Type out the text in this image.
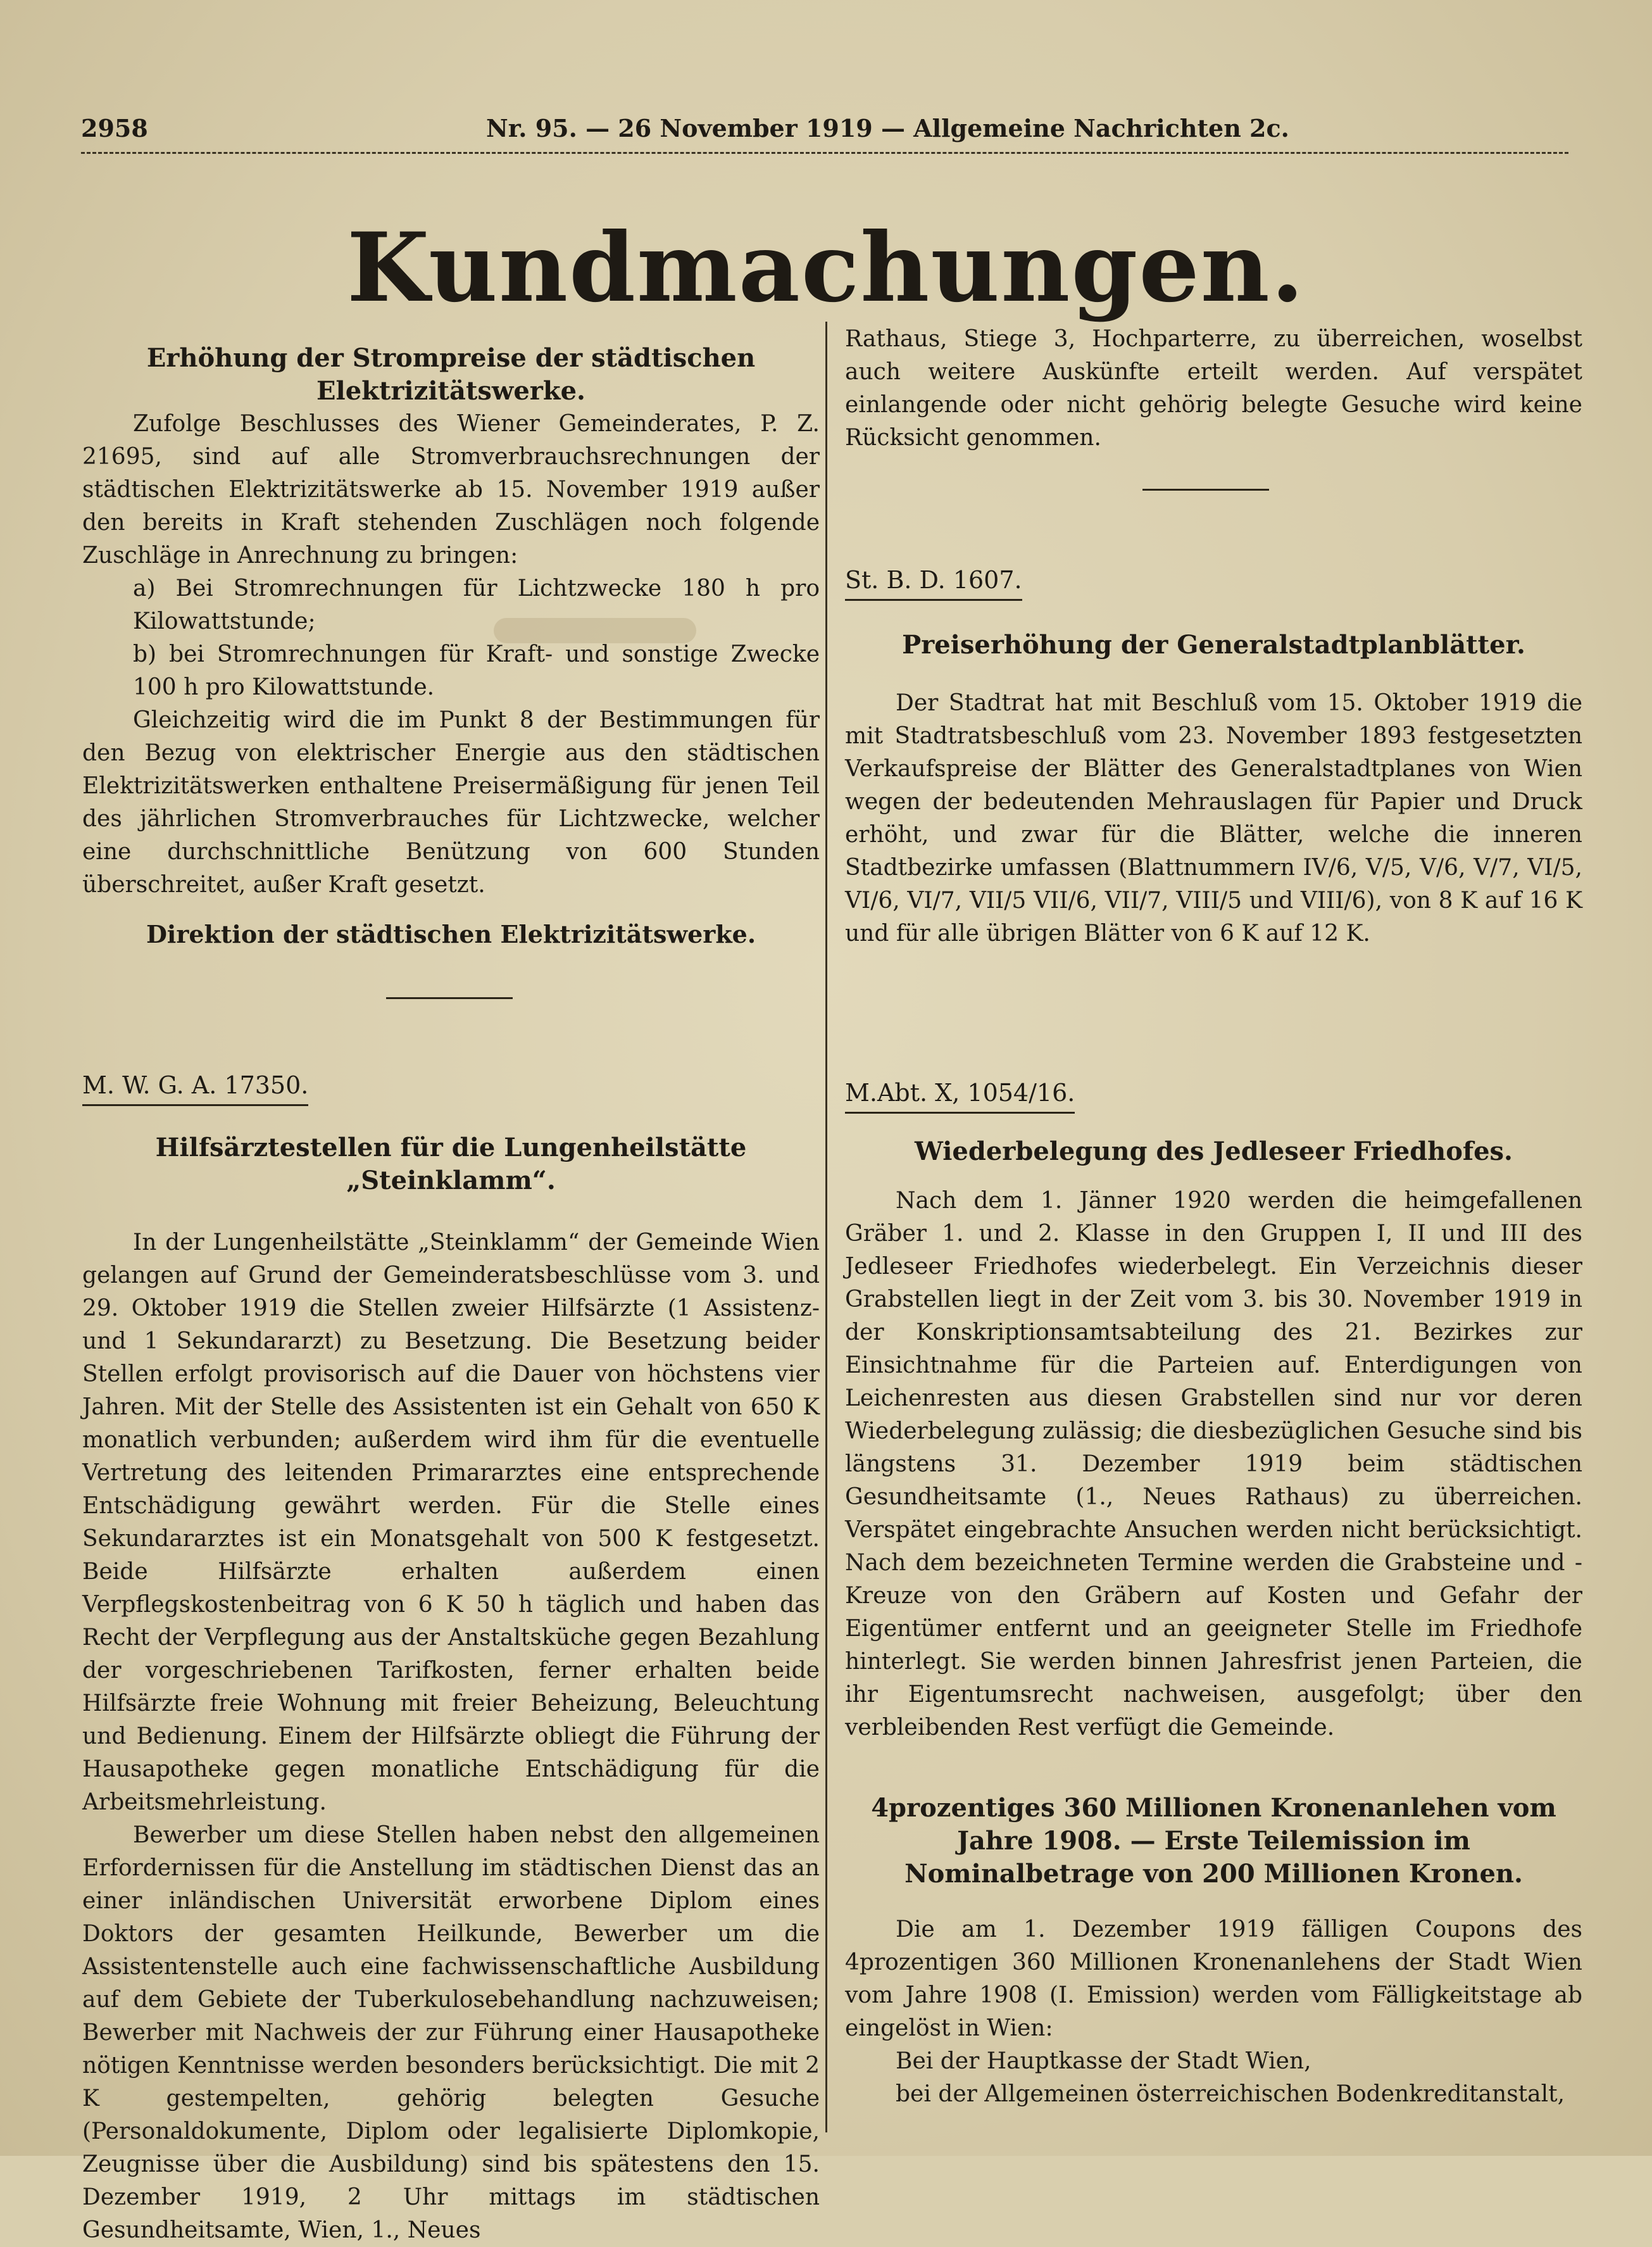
2958	Nr. 95. — 26 November 1919 — Allgemeine Nachrichten 2c.
Kundmachungen.
Erhöhung der Strompreise der städtischen Elektrizitätswerke.

Zufolge Beschlusses des Wiener Gemeinderates, P. Z. 21695, sind auf alle Stromverbrauchsrechnungen der städtischen Elektrizitätswerke ab 15. November 1919 außer den bereits in Kraft stehenden Zuschlägen noch folgende Zuschläge in Anrechnung zu bringen:

a) Bei Stromrechnungen für Lichtzwecke 180 h pro Kilowattstunde;

b) bei Stromrechnungen für Kraft- und sonstige Zwecke 100 h pro Kilowattstunde.

Gleichzeitig wird die im Punkt 8 der Bestimmungen für den Bezug von elektrischer Energie aus den städtischen Elektrizitätswerken enthaltene Preisermäßigung für jenen Teil des jährlichen Stromverbrauches für Lichtzwecke, welcher eine durchschnittliche Benützung von 600 Stunden überschreitet, außer Kraft gesetzt.

Direktion der städtischen Elektrizitätswerke.
M. W. G. A. 17350.
Hilfsärztestellen für die Lungenheilstätte „Steinklamm“.

In der Lungenheilstätte „Steinklamm“ der Gemeinde Wien gelangen auf Grund der Gemeinderatsbeschlüsse vom 3. und 29. Oktober 1919 die Stellen zweier Hilfsärzte (1 Assistenz- und 1 Sekundararzt) zu Besetzung. Die Besetzung beider Stellen erfolgt provisorisch auf die Dauer von höchstens vier Jahren. Mit der Stelle des Assistenten ist ein Gehalt von 650 K monatlich verbunden; außerdem wird ihm für die eventuelle Vertretung des leitenden Primararztes eine entsprechende Entschädigung gewährt werden. Für die Stelle eines Sekundararztes ist ein Monatsgehalt von 500 K festgesetzt. Beide Hilfsärzte erhalten außerdem einen Verpflegskostenbeitrag von 6 K 50 h täglich und haben das Recht der Verpflegung aus der Anstaltsküche gegen Bezahlung der vorgeschriebenen Tarifkosten, ferner erhalten beide Hilfsärzte freie Wohnung mit freier Beheizung, Beleuchtung und Bedienung. Einem der Hilfsärzte obliegt die Führung der Hausapotheke gegen monatliche Entschädigung für die Arbeitsmehrleistung.

Bewerber um diese Stellen haben nebst den allgemeinen Erfordernissen für die Anstellung im städtischen Dienst das an einer inländischen Universität erworbene Diplom eines Doktors der gesamten Heilkunde, Bewerber um die Assistentenstelle auch eine fachwissenschaftliche Ausbildung auf dem Gebiete der Tuberkulosebehandlung nachzuweisen; Bewerber mit Nachweis der zur Führung einer Hausapotheke nötigen Kenntnisse werden besonders berücksichtigt. Die mit 2 K gestempelten, gehörig belegten Gesuche (Personaldokumente, Diplom oder legalisierte Diplomkopie, Zeugnisse über die Ausbildung) sind bis spätestens den 15. Dezember 1919, 2 Uhr mittags im städtischen Gesundheitsamte, Wien, 1., Neues

Rathaus, Stiege 3, Hochparterre, zu überreichen, woselbst auch weitere Auskünfte erteilt werden. Auf verspätet einlangende oder nicht gehörig belegte Gesuche wird keine Rücksicht genommen.

St. B. D. 1607.
Preiserhöhung der Generalstadtplanblätter.

Der Stadtrat hat mit Beschluß vom 15. Oktober 1919 die mit Stadtratsbeschluß vom 23. November 1893 festgesetzten Verkaufspreise der Blätter des Generalstadtplanes von Wien wegen der bedeutenden Mehrauslagen für Papier und Druck erhöht, und zwar für die Blätter, welche die inneren Stadtbezirke umfassen (Blattnummern IV/6, V/5, V/6, V/7, VI/5, VI/6, VI/7, VII/5 VII/6, VII/7, VIII/5 und VIII/6), von 8 K auf 16 K und für alle übrigen Blätter von 6 K auf 12 K.

M.Abt. X, 1054/16.
Wiederbelegung des Jedleseer Friedhofes.

Nach dem 1. Jänner 1920 werden die heimgefallenen Gräber 1. und 2. Klasse in den Gruppen I, II und III des Jedleseer Friedhofes wiederbelegt. Ein Verzeichnis dieser Grabstellen liegt in der Zeit vom 3. bis 30. November 1919 in der Konskriptionsamtsabteilung des 21. Bezirkes zur Einsichtnahme für die Parteien auf. Enterdigungen von Leichenresten aus diesen Grabstellen sind nur vor deren Wiederbelegung zulässig; die diesbezüglichen Gesuche sind bis längstens 31. Dezember 1919 beim städtischen Gesundheitsamte (1., Neues Rathaus) zu überreichen. Verspätet eingebrachte Ansuchen werden nicht berücksichtigt. Nach dem bezeichneten Termine werden die Grabsteine und -Kreuze von den Gräbern auf Kosten und Gefahr der Eigentümer entfernt und an geeigneter Stelle im Friedhofe hinterlegt. Sie werden binnen Jahresfrist jenen Parteien, die ihr Eigentumsrecht nachweisen, ausgefolgt; über den verbleibenden Rest verfügt die Gemeinde.

4prozentiges 360 Millionen Kronenanlehen vom Jahre 1908. — Erste Teilemission im Nominalbetrage von 200 Millionen Kronen.

Die am 1. Dezember 1919 fälligen Coupons des 4prozentigen 360 Millionen Kronenanlehens der Stadt Wien vom Jahre 1908 (I. Emission) werden vom Fälligkeitstage ab eingelöst in Wien:

Bei der Hauptkasse der Stadt Wien,

bei der Allgemeinen österreichischen Bodenkreditanstalt,
